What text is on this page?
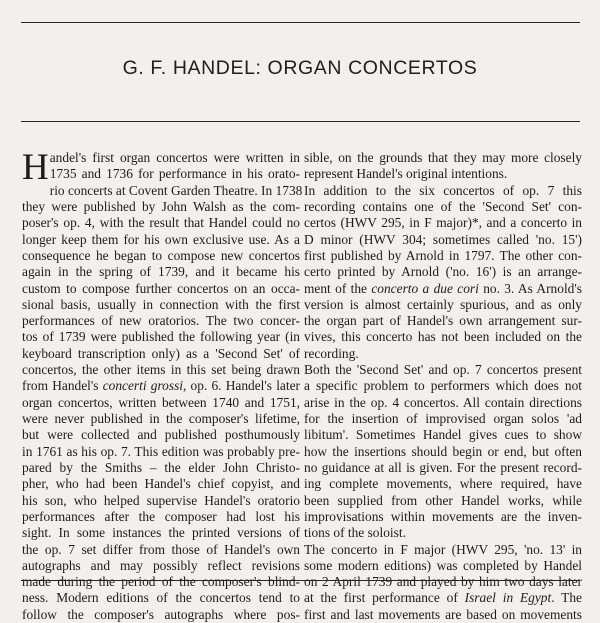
G. F. HANDEL: ORGAN CONCERTOS
H andel's first organ concertos were written in
1735 and 1736 for performance in his orato-
rio concerts at Covent Garden Theatre. In 1738
they were published by John Walsh as the com-
poser's op. 4, with the result that Handel could no
longer keep them for his own exclusive use. As a
consequence he began to compose new concertos
again in the spring of 1739, and it became his
custom to compose further concertos on an occa-
sional basis, usually in connection with the first
performances of new oratorios. The two concer-
tos of 1739 were published the following year (in
keyboard transcription only) as a 'Second Set' of
concertos, the other items in this set being drawn
from Handel's concerti grossi, op. 6. Handel's later
organ concertos, written between 1740 and 1751,
were never published in the composer's lifetime,
but were collected and published posthumously
in 1761 as his op. 7. This edition was probably pre-
pared by the Smiths – the elder John Christo-
pher, who had been Handel's chief copyist, and
his son, who helped supervise Handel's oratorio
performances after the composer had lost his
sight. In some instances the printed versions of
the op. 7 set differ from those of Handel's own
autographs and may possibly reflect revisions
made during the period of the composer's blind-
ness. Modern editions of the concertos tend to
follow the composer's autographs where pos-
sible, on the grounds that they may more closely
represent Handel's original intentions.
In addition to the six concertos of op. 7 this
recording contains one of the 'Second Set' con-
certos (HWV 295, in F major)*, and a concerto in
D minor (HWV 304; sometimes called 'no. 15')
first published by Arnold in 1797. The other con-
certo printed by Arnold ('no. 16') is an arrange-
ment of the concerto a due cori no. 3. As Arnold's
version is almost certainly spurious, and as only
the organ part of Handel's own arrangement sur-
vives, this concerto has not been included on the
recording.
Both the 'Second Set' and op. 7 concertos present
a specific problem to performers which does not
arise in the op. 4 concertos. All contain directions
for the insertion of improvised organ solos 'ad
libitum'. Sometimes Handel gives cues to show
how the insertions should begin or end, but often
no guidance at all is given. For the present record-
ing complete movements, where required, have
been supplied from other Handel works, while
improvisations within movements are the inven-
tions of the soloist.
The concerto in F major (HWV 295, 'no. 13' in
some modern editions) was completed by Handel
on 2 April 1739 and played by him two days later
at the first performance of Israel in Egypt. The
first and last movements are based on movements
